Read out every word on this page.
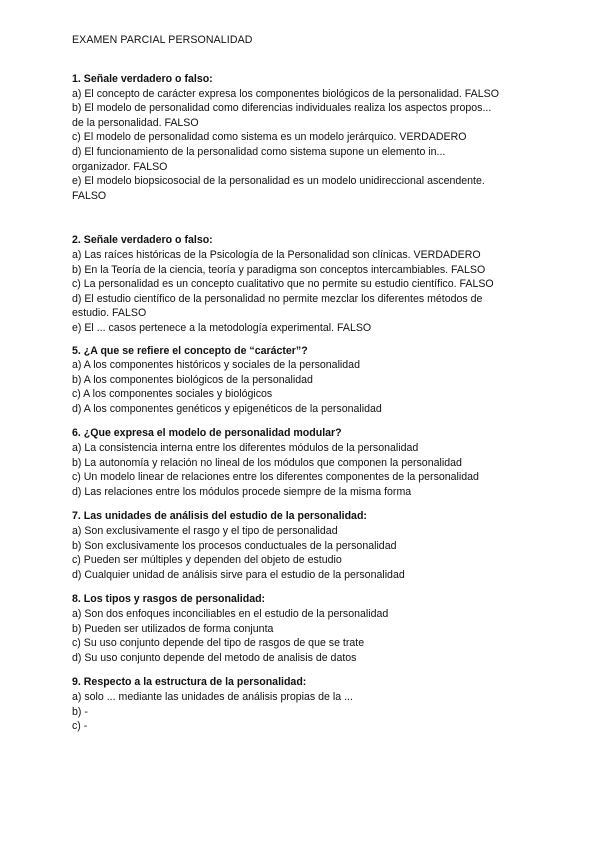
EXAMEN PARCIAL PERSONALIDAD

1. Señale verdadero o falso:

a) El concepto de carácter expresa los componentes biológicos de la personalidad. FALSO

b) El modelo de personalidad como diferencias individuales realiza los aspectos propos...

de la personalidad. FALSO

c) El modelo de personalidad como sistema es un modelo jerárquico. VERDADERO

d) El funcionamiento de la personalidad como sistema supone un elemento in...

organizador. FALSO

e) El modelo biopsicosocial de la personalidad es un modelo unidireccional ascendente.

FALSO

2. Señale verdadero o falso:

a) Las raíces históricas de la Psicología de la Personalidad son clínicas. VERDADERO

b) En la Teoría de la ciencia, teoría y paradigma son conceptos intercambiables. FALSO

c) La personalidad es un concepto cualitativo que no permite su estudio científico. FALSO

d) El estudio científico de la personalidad no permite mezclar los diferentes métodos de

estudio. FALSO

e) El ... casos pertenece a la metodología experimental. FALSO

5. ¿A que se refiere el concepto de “carácter”?

a) A los componentes históricos y sociales de la personalidad

b) A los componentes biológicos de la personalidad

c) A los componentes sociales y biológicos

d) A los componentes genéticos y epigenéticos de la personalidad

6. ¿Que expresa el modelo de personalidad modular?

a) La consistencia interna entre los diferentes módulos de la personalidad

b) La autonomía y relación no lineal de los módulos que componen la personalidad

c) Un modelo linear de relaciones entre los diferentes componentes de la personalidad

d) Las relaciones entre los módulos procede siempre de la misma forma

7. Las unidades de análisis del estudio de la personalidad:

a) Son exclusivamente el rasgo y el tipo de personalidad

b) Son exclusivamente los procesos conductuales de la personalidad

c) Pueden ser múltiples y dependen del objeto de estudio

d) Cualquier unidad de análisis sirve para el estudio de la personalidad

8. Los tipos y rasgos de personalidad:

a) Son dos enfoques inconciliables en el estudio de la personalidad

b) Pueden ser utilizados de forma conjunta

c) Su uso conjunto depende del tipo de rasgos de que se trate

d) Su uso conjunto depende del metodo de analisis de datos

9. Respecto a la estructura de la personalidad:

a) solo ... mediante las unidades de análisis propias de la ...

b) -

c) -
